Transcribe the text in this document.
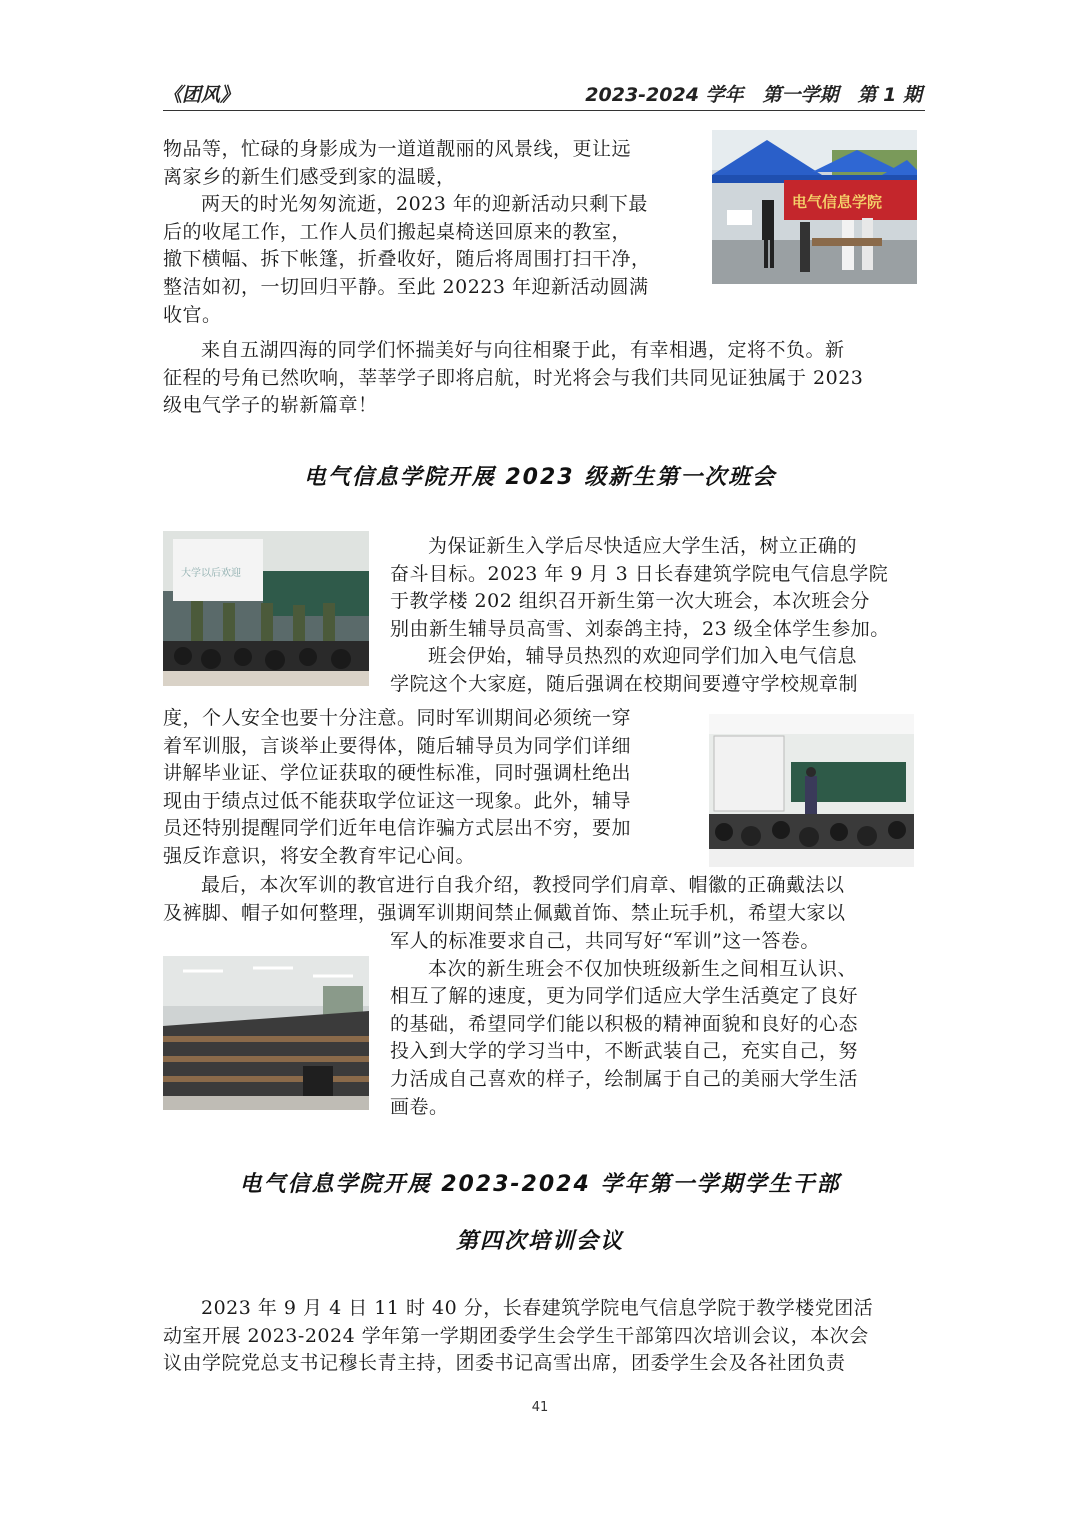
《团风》	2023-2024 学年　第一学期　第 1 期
物品等，忙碌的身影成为一道道靓丽的风景线，更让远
离家乡的新生们感受到家的温暖，
两天的时光匆匆流逝，2023 年的迎新活动只剩下最
后的收尾工作，工作人员们搬起桌椅送回原来的教室，
撤下横幅、拆下帐篷，折叠收好，随后将周围打扫干净，
整洁如初，一切回归平静。至此 20223 年迎新活动圆满
收官。
来自五湖四海的同学们怀揣美好与向往相聚于此，有幸相遇，定将不负。新
征程的号角已然吹响，莘莘学子即将启航，时光将会与我们共同见证独属于 2023
级电气学子的崭新篇章！
电气信息学院
电气信息学院开展 2023 级新生第一次班会
大学以后欢迎
为保证新生入学后尽快适应大学生活，树立正确的
奋斗目标。2023 年 9 月 3 日长春建筑学院电气信息学院
于教学楼 202 组织召开新生第一次大班会，本次班会分
别由新生辅导员高雪、刘泰鸽主持，23 级全体学生参加。
班会伊始，辅导员热烈的欢迎同学们加入电气信息
学院这个大家庭，随后强调在校期间要遵守学校规章制
度，个人安全也要十分注意。同时军训期间必须统一穿
着军训服，言谈举止要得体，随后辅导员为同学们详细
讲解毕业证、学位证获取的硬性标准，同时强调杜绝出
现由于绩点过低不能获取学位证这一现象。此外，辅导
员还特别提醒同学们近年电信诈骗方式层出不穷，要加
强反诈意识，将安全教育牢记心间。
最后，本次军训的教官进行自我介绍，教授同学们肩章、帽徽的正确戴法以
及裤脚、帽子如何整理，强调军训期间禁止佩戴首饰、禁止玩手机，希望大家以
军人的标准要求自己，共同写好“军训”这一答卷。
本次的新生班会不仅加快班级新生之间相互认识、
相互了解的速度，更为同学们适应大学生活奠定了良好
的基础，希望同学们能以积极的精神面貌和良好的心态
投入到大学的学习当中，不断武装自己，充实自己，努
力活成自己喜欢的样子，绘制属于自己的美丽大学生活
画卷。
电气信息学院开展 2023-2024 学年第一学期学生干部
第四次培训会议
2023 年 9 月 4 日 11 时 40 分，长春建筑学院电气信息学院于教学楼党团活
动室开展 2023-2024 学年第一学期团委学生会学生干部第四次培训会议，本次会
议由学院党总支书记穆长青主持，团委书记高雪出席，团委学生会及各社团负责
41
